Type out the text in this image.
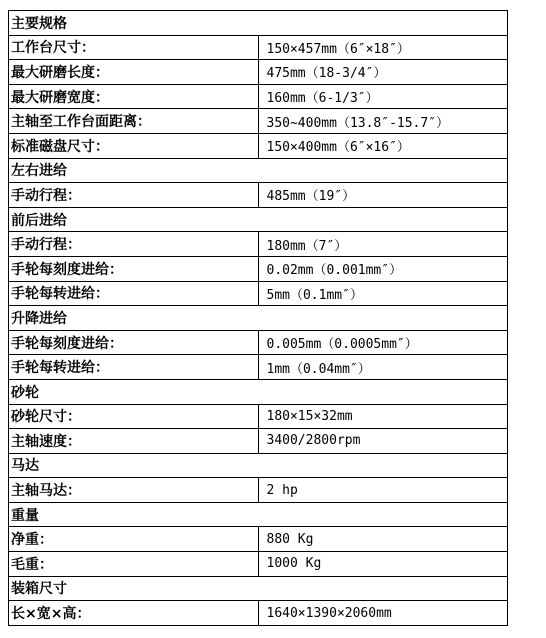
主要规格	
工作台尺寸：	150×457mm（6″×18″）
最大研磨长度：	475mm（18-3/4″）
最大研磨宽度：	160mm（6-1/3″）
主轴至工作台面距离：	350~400mm（13.8″-15.7″）
标准磁盘尺寸：	150×400mm（6″×16″）
左右进给	
手动行程：	485mm（19″）
前后进给	
手动行程：	180mm（7″）
手轮每刻度进给：	0.02mm（0.001mm″）
手轮每转进给：	5mm（0.1mm″）
升降进给	
手轮每刻度进给：	0.005mm（0.0005mm″）
手轮每转进给：	1mm（0.04mm″）
砂轮	
砂轮尺寸：	180×15×32mm
主轴速度：	3400/2800rpm
马达	
主轴马达：	2 hp
重量	
净重：	880 Kg
毛重：	1000 Kg
装箱尺寸	
长×宽×高：	1640×1390×2060mm
